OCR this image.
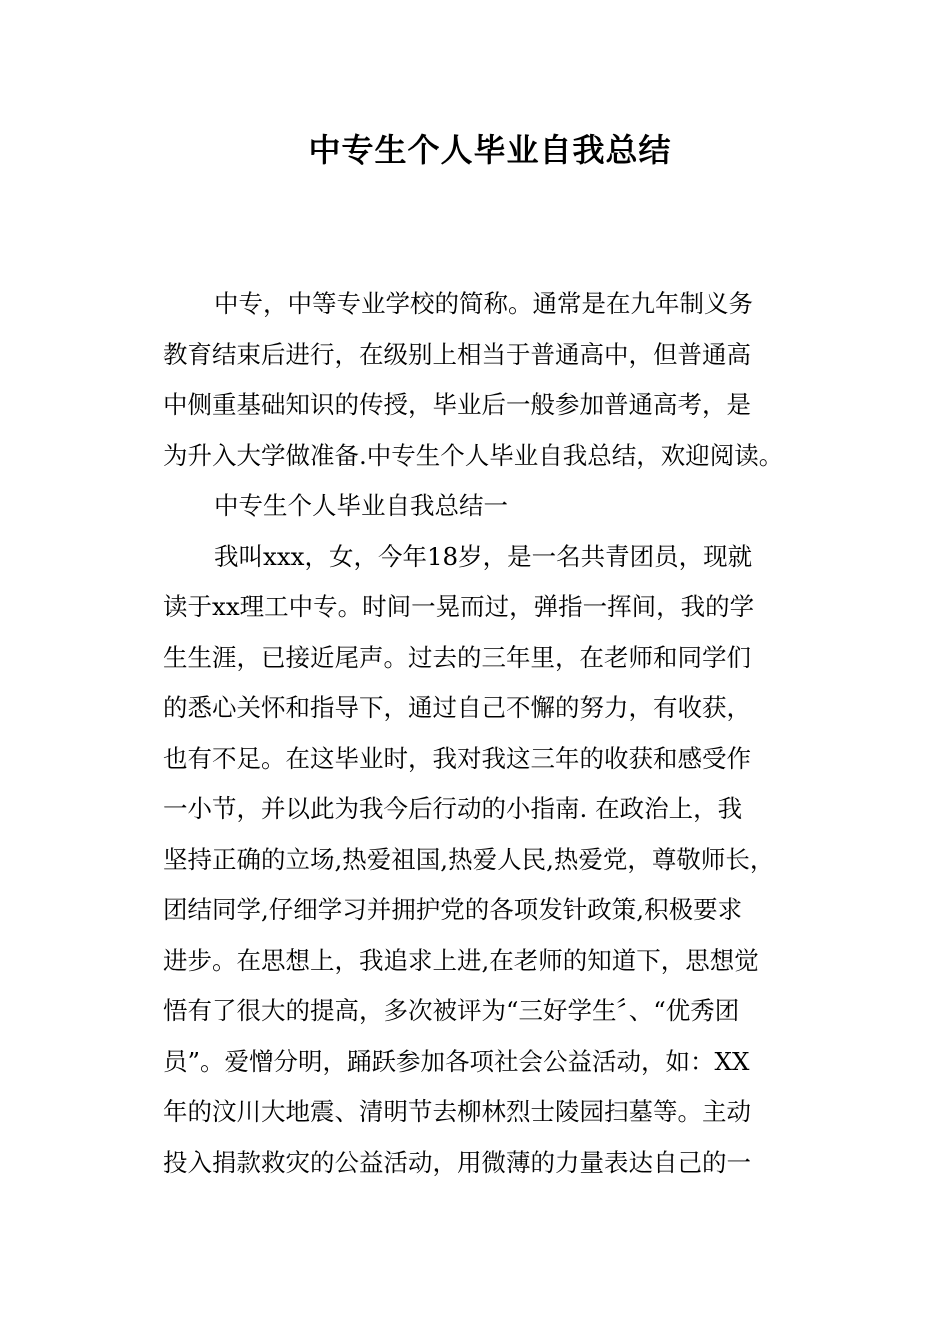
中专生个人毕业自我总结
中专，中等专业学校的简称。通常是在九年制义务
教育结束后进行，在级别上相当于普通高中，但普通高
中侧重基础知识的传授，毕业后一般参加普通高考，是
为升入大学做准备.中专生个人毕业自我总结，欢迎阅读。
中专生个人毕业自我总结一
我叫xxx，女，今年18岁，是一名共青团员，现就
读于xx理工中专。时间一晃而过，弹指一挥间，我的学
生生涯，已接近尾声。过去的三年里，在老师和同学们
的悉心关怀和指导下，通过自己不懈的努力，有收获，
也有不足。在这毕业时，我对我这三年的收获和感受作
一小节，并以此为我今后行动的小指南. 在政治上，我
坚持正确的立场,热爱祖国,热爱人民,热爱党，尊敬师长，
团结同学,仔细学习并拥护党的各项发针政策,积极要求
进步。在思想上，我追求上进,在老师的知道下，思想觉
悟有了很大的提高，多次被评为“三好学生〞、“优秀团
员”。爱憎分明，踊跃参加各项社会公益活动，如：XX
年的汶川大地震、清明节去柳林烈士陵园扫墓等。主动
投入捐款救灾的公益活动，用微薄的力量表达自己的一
